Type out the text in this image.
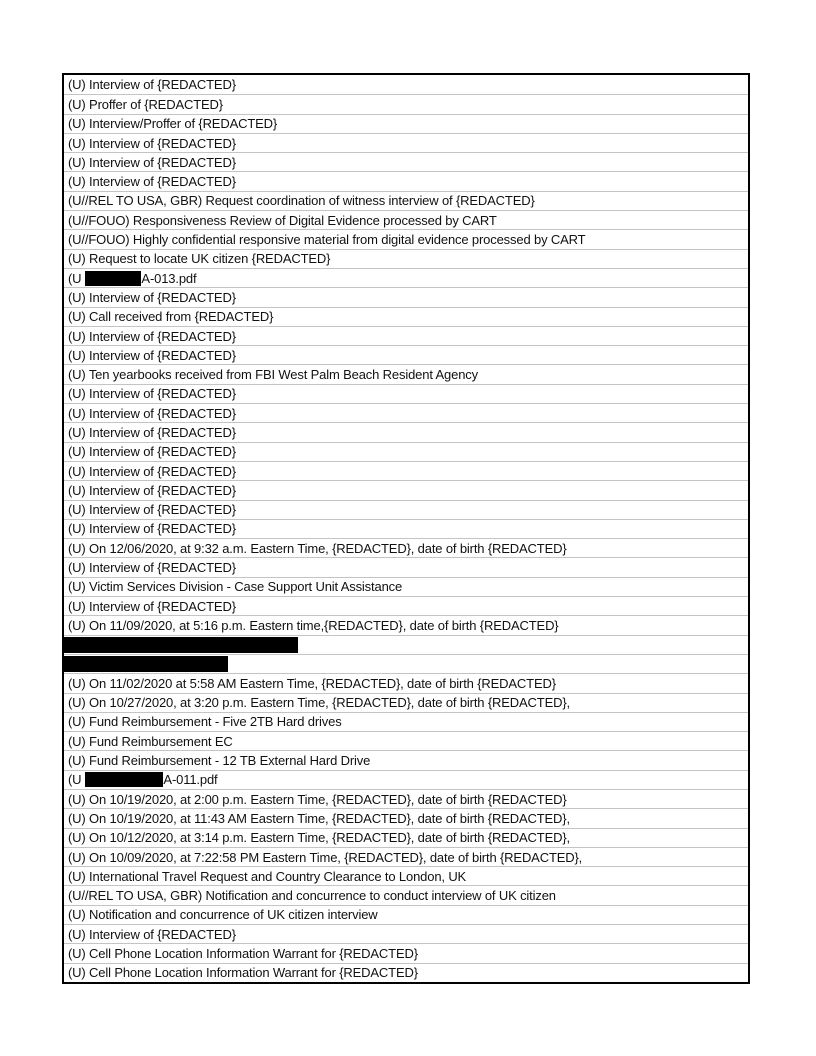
(U) Interview of {REDACTED}
(U) Proffer of {REDACTED}
(U) Interview/Proffer of {REDACTED}
(U) Interview of {REDACTED}
(U) Interview of {REDACTED}
(U) Interview of {REDACTED}
(U//REL TO USA, GBR) Request coordination of witness interview of {REDACTED}
(U//FOUO) Responsiveness Review of Digital Evidence processed by CART
(U//FOUO) Highly confidential responsive material from digital evidence processed by CART
(U) Request to locate UK citizen {REDACTED}
(U	A-013.pdf
(U) Interview of {REDACTED}
(U) Call received from {REDACTED}
(U) Interview of {REDACTED}
(U) Interview of {REDACTED}
(U) Ten yearbooks received from FBI West Palm Beach Resident Agency
(U) Interview of {REDACTED}
(U) Interview of {REDACTED}
(U) Interview of {REDACTED}
(U) Interview of {REDACTED}
(U) Interview of {REDACTED}
(U) Interview of {REDACTED}
(U) Interview of {REDACTED}
(U) Interview of {REDACTED}
(U) On 12/06/2020, at 9:32 a.m. Eastern Time, {REDACTED}, date of birth {REDACTED}
(U) Interview of {REDACTED}
(U) Victim Services Division - Case Support Unit Assistance
(U) Interview of {REDACTED}
(U) On 11/09/2020, at 5:16 p.m. Eastern time,{REDACTED}, date of birth {REDACTED}
(U) On 11/02/2020 at 5:58 AM Eastern Time, {REDACTED}, date of birth {REDACTED}
(U) On 10/27/2020, at 3:20 p.m. Eastern Time, {REDACTED}, date of birth {REDACTED},
(U) Fund Reimbursement - Five 2TB Hard drives
(U) Fund Reimbursement EC
(U) Fund Reimbursement - 12 TB External Hard Drive
(U	A-011.pdf
(U) On 10/19/2020, at 2:00 p.m. Eastern Time, {REDACTED}, date of birth {REDACTED}
(U) On 10/19/2020, at 11:43 AM Eastern Time, {REDACTED}, date of birth {REDACTED},
(U) On 10/12/2020, at 3:14 p.m. Eastern Time, {REDACTED}, date of birth {REDACTED},
(U) On 10/09/2020, at 7:22:58 PM Eastern Time, {REDACTED}, date of birth {REDACTED},
(U) International Travel Request and Country Clearance to London, UK
(U//REL TO USA, GBR) Notification and concurrence to conduct interview of UK citizen
(U) Notification and concurrence of UK citizen interview
(U) Interview of {REDACTED}
(U) Cell Phone Location Information Warrant for {REDACTED}
(U) Cell Phone Location Information Warrant for {REDACTED}
